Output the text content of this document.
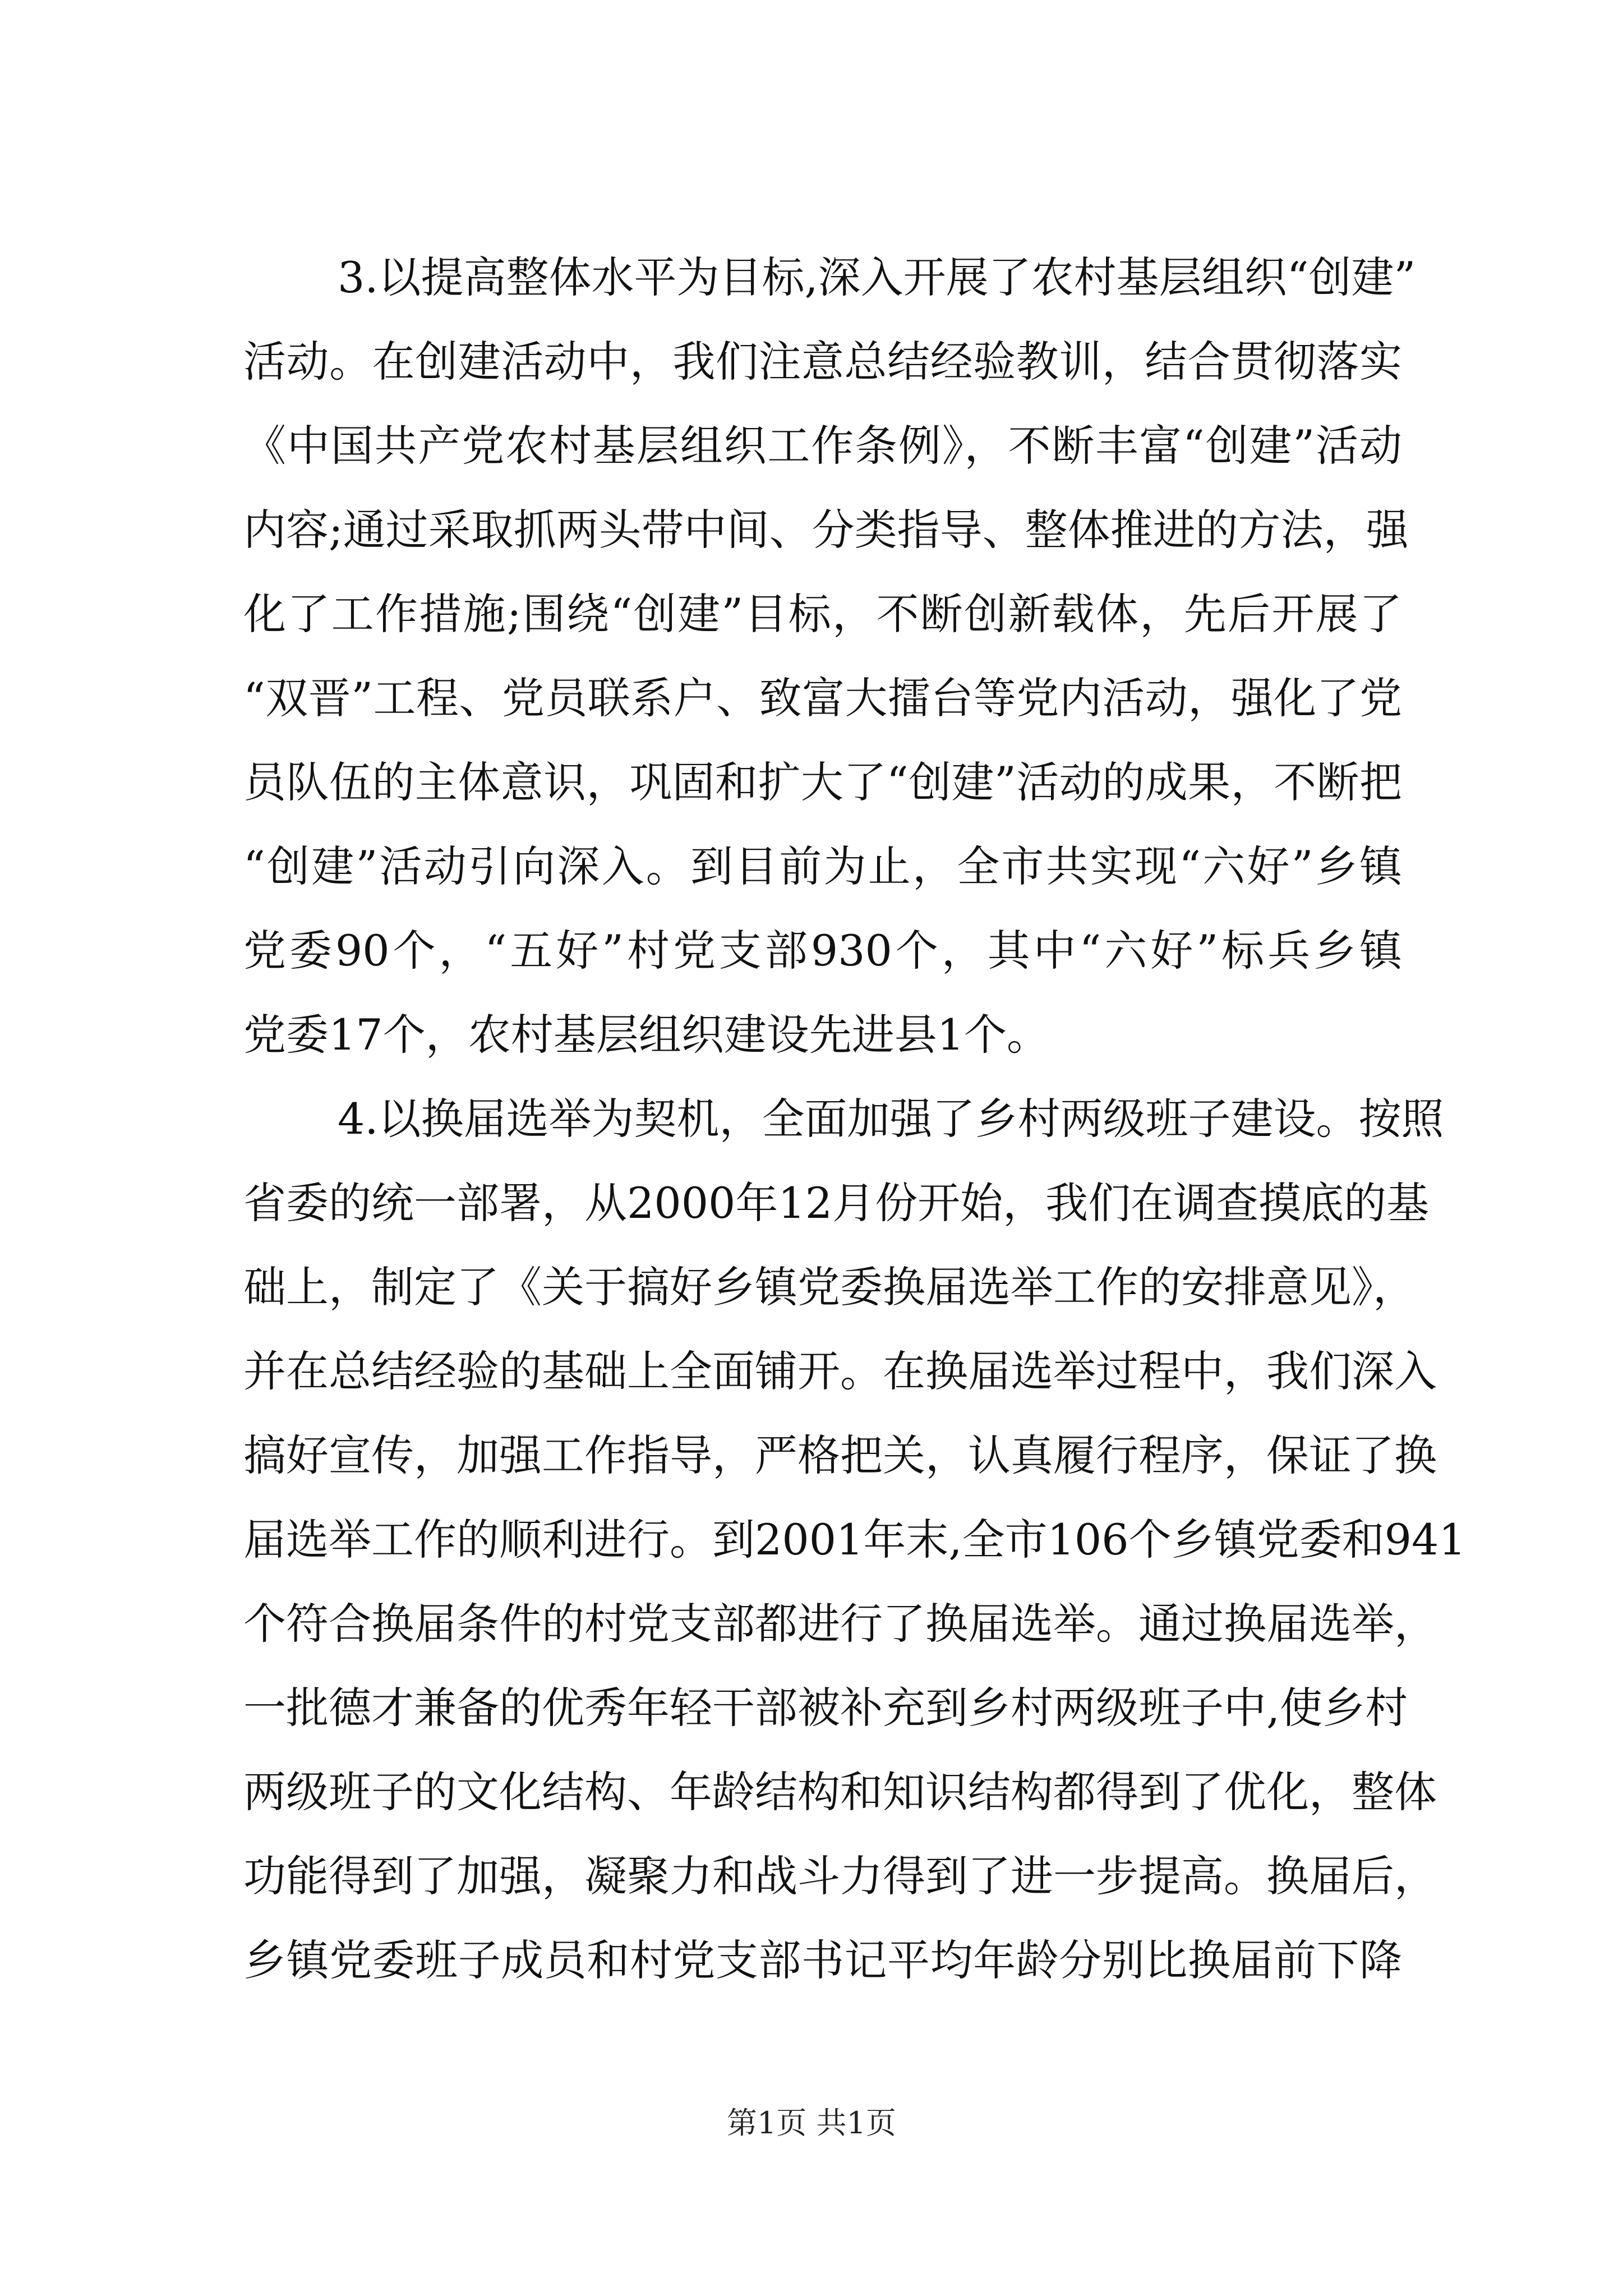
3.以提高整体水平为目标,深入开展了农村基层组织“创建”
活动。在创建活动中，我们注意总结经验教训，结合贯彻落实
《中国共产党农村基层组织工作条例》，不断丰富“创建”活动
内容;通过采取抓两头带中间、分类指导、整体推进的方法，强
化了工作措施;围绕“创建”目标，不断创新载体，先后开展了
“双晋”工程、党员联系户、致富大擂台等党内活动，强化了党
员队伍的主体意识，巩固和扩大了“创建”活动的成果，不断把
“创建”活动引向深入。到目前为止，全市共实现“六好”乡镇
党委90个，“五好”村党支部930个，其中“六好”标兵乡镇
党委17个，农村基层组织建设先进县1个。
4.以换届选举为契机，全面加强了乡村两级班子建设。按照
省委的统一部署，从2000年12月份开始，我们在调查摸底的基
础上，制定了《关于搞好乡镇党委换届选举工作的安排意见》，
并在总结经验的基础上全面铺开。在换届选举过程中，我们深入
搞好宣传，加强工作指导，严格把关，认真履行程序，保证了换
届选举工作的顺利进行。到2001年末,全市106个乡镇党委和941
个符合换届条件的村党支部都进行了换届选举。通过换届选举，
一批德才兼备的优秀年轻干部被补充到乡村两级班子中,使乡村
两级班子的文化结构、年龄结构和知识结构都得到了优化，整体
功能得到了加强，凝聚力和战斗力得到了进一步提高。换届后，
乡镇党委班子成员和村党支部书记平均年龄分别比换届前下降
第1页 共1页
